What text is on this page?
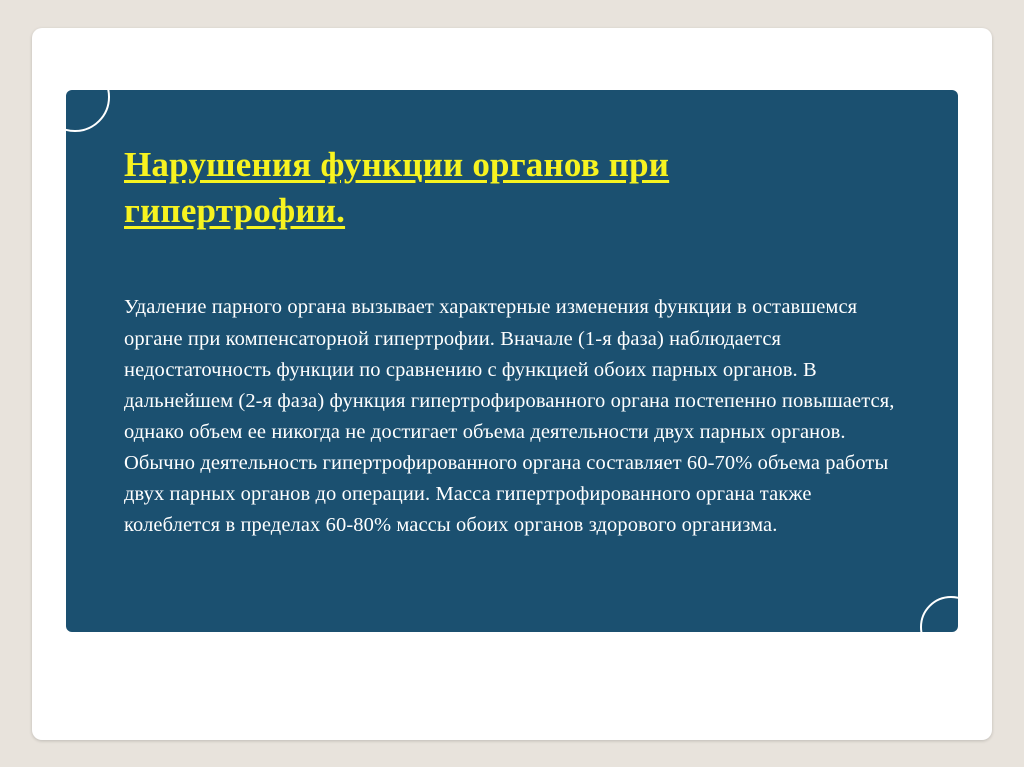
Нарушения функции органов при гипертрофии.

Удаление парного органа вызывает характерные изменения функции в оставшемся органе при компенсаторной гипертрофии. Вначале (1-я фаза) наблюдается недостаточность функции по сравнению с функцией обоих парных органов. В дальнейшем (2-я фаза) функция гипертрофированного органа постепенно повышается, однако объем ее никогда не достигает объема деятельности двух парных органов. Обычно деятельность гипертрофированного органа составляет 60-70% объема работы двух парных органов до операции. Масса гипертрофированного органа также колеблется в пределах 60-80% массы обоих органов здорового организма.
